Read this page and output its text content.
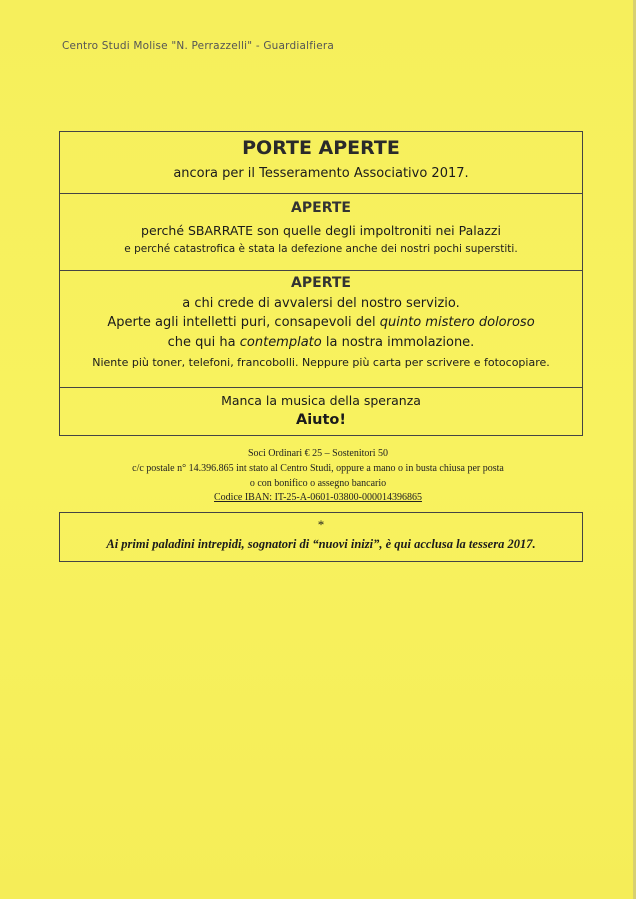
Centro Studi Molise "N. Perrazzelli" - Guardialfiera
PORTE APERTE
ancora per il Tesseramento Associativo 2017.
APERTE
perché SBARRATE son quelle degli impoltroniti nei Palazzi
e perché catastrofica è stata la defezione anche dei nostri pochi superstiti.
APERTE
a chi crede di avvalersi del nostro servizio.
Aperte agli intelletti puri, consapevoli del quinto mistero doloroso
che qui ha contemplato la nostra immolazione.
Niente più toner, telefoni, francobolli. Neppure più carta per scrivere e fotocopiare.
Manca la musica della speranza
Aiuto!
Soci Ordinari € 25 – Sostenitori 50
c/c postale n° 14.396.865 int stato al Centro Studi, oppure a mano o in busta chiusa per posta
o con bonifico o assegno bancario
Codice IBAN: IT-25-A-0601-03800-000014396865
*
Ai primi paladini intrepidi, sognatori di “nuovi inizi”, è qui acclusa la tessera 2017.
